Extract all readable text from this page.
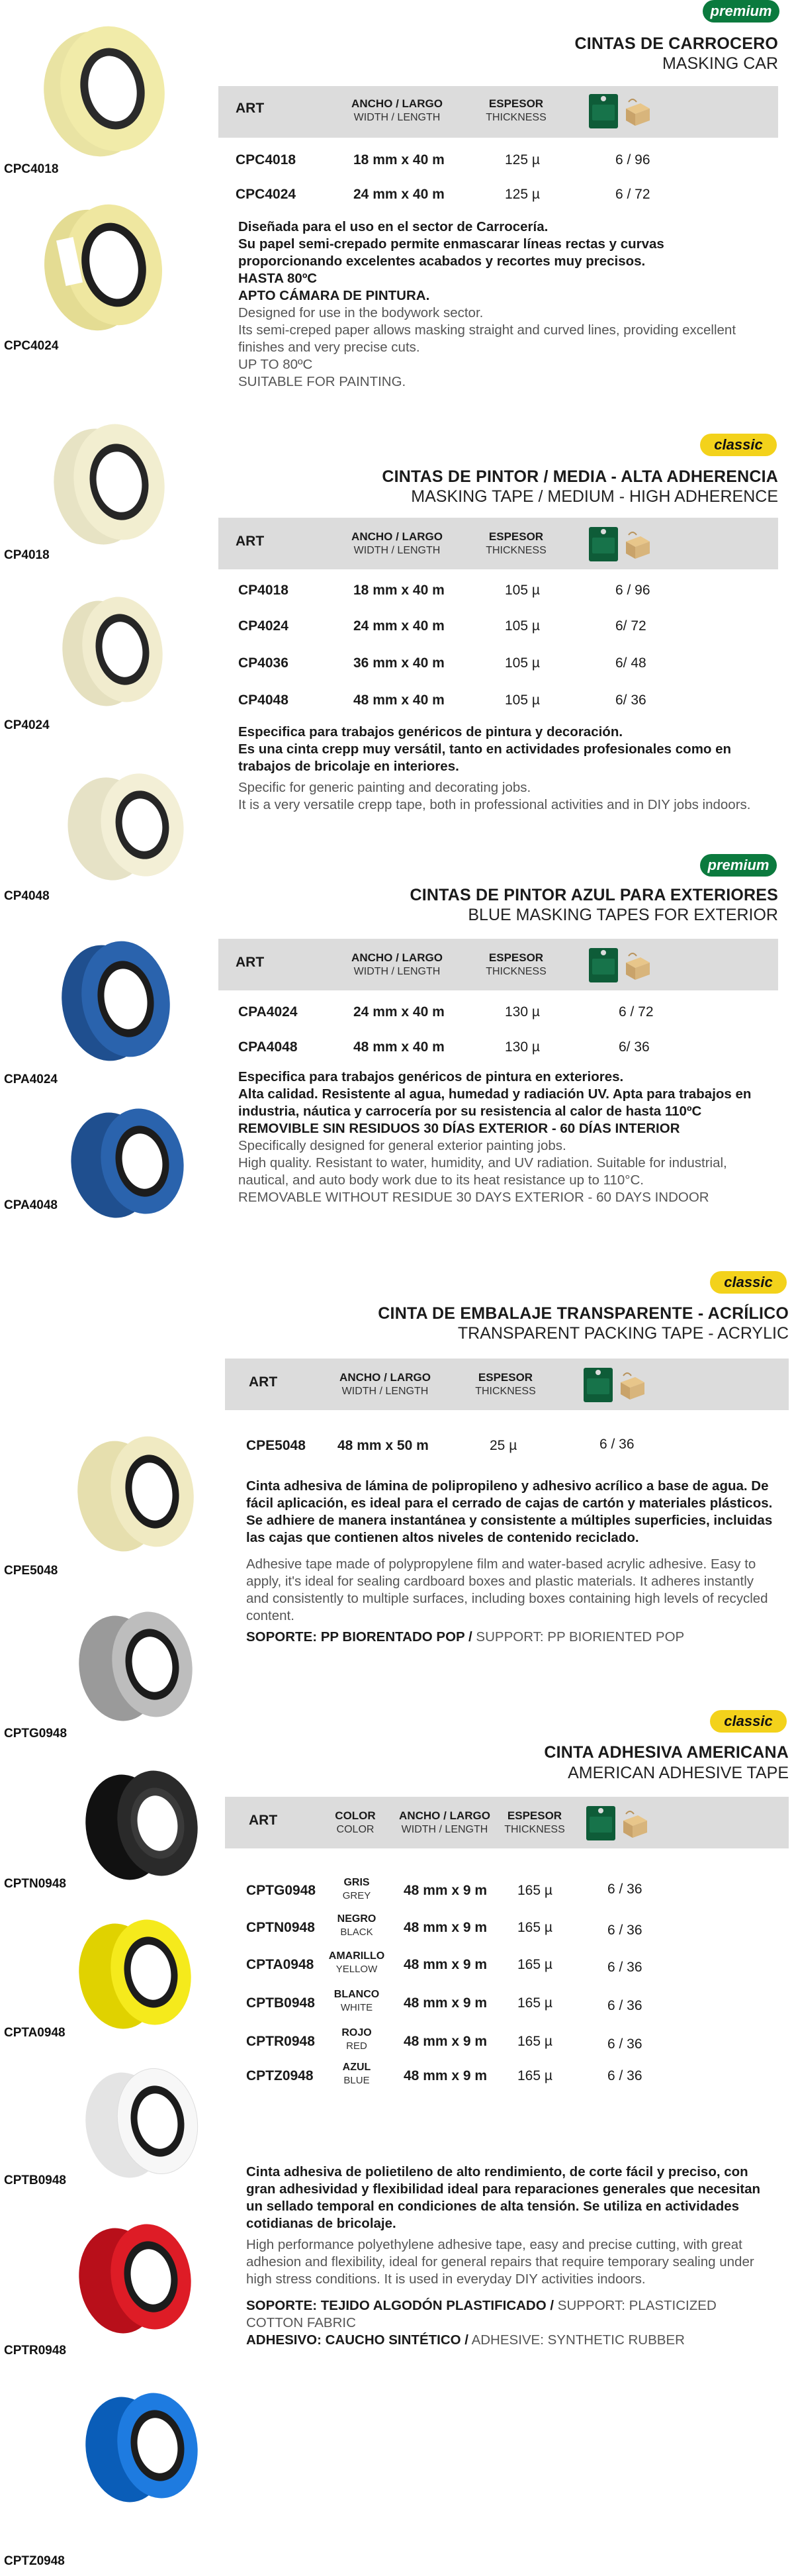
CPC4018
CPC4024
CP4018
CP4024
CP4048
CPA4024
CPA4048
CPE5048
CPTG0948
CPTN0948
CPTA0948
CPTB0948
CPTR0948
CPTZ0948
premium
CINTAS DE CARROCERO
MASKING CAR
ART	ANCHO / LARGO
WIDTH / LENGTH
ESPESOR
THICKNESS
CPC4018	18 mm x 40 m	125 µ	6 / 96
CPC4024	24 mm x 40 m	125 µ	6 / 72

Diseñada para el uso en el sector de Carrocería.

Su papel semi-crepado permite enmascarar líneas rectas y curvas proporcionando excelentes acabados y recortes muy precisos.

HASTA 80ºC

APTO CÁMARA DE PINTURA.

Designed for use in the bodywork sector.

Its semi-creped paper allows masking straight and curved lines, providing excellent finishes and very precise cuts.

UP TO 80ºC

SUITABLE FOR PAINTING.

classic
CINTAS DE PINTOR / MEDIA - ALTA ADHERENCIA
MASKING TAPE / MEDIUM - HIGH ADHERENCE
ART	ANCHO / LARGO
WIDTH / LENGTH
ESPESOR
THICKNESS
CP4018	18 mm x 40 m	105 µ	6 / 96
CP4024	24 mm x 40 m	105 µ	6/ 72
CP4036	36 mm x 40 m	105 µ	6/ 48
CP4048	48 mm x 40 m	105 µ	6/ 36

Especifica para trabajos genéricos de pintura y decoración.

Es una cinta crepp muy versátil, tanto en actividades profesionales como en trabajos de bricolaje en interiores.

Specific for generic painting and decorating jobs.

It is a very versatile crepp tape, both in professional activities and in DIY jobs indoors.

premium
CINTAS DE PINTOR AZUL PARA EXTERIORES
BLUE MASKING TAPES FOR EXTERIOR
ART	ANCHO / LARGO
WIDTH / LENGTH
ESPESOR
THICKNESS
CPA4024	24 mm x 40 m	130 µ	6 / 72
CPA4048	48 mm x 40 m	130 µ	6/ 36

Especifica para trabajos genéricos de pintura en exteriores.

Alta calidad. Resistente al agua, humedad y radiación UV. Apta para trabajos en industria, náutica y carrocería por su resistencia al calor de hasta 110ºC

REMOVIBLE SIN RESIDUOS 30 DÍAS EXTERIOR - 60 DÍAS INTERIOR

Specifically designed for general exterior painting jobs.

High quality. Resistant to water, humidity, and UV radiation. Suitable for industrial, nautical, and auto body work due to its heat resistance up to 110°C.

REMOVABLE WITHOUT RESIDUE 30 DAYS EXTERIOR - 60 DAYS INDOOR

classic
CINTA DE EMBALAJE TRANSPARENTE - ACRÍLICO
TRANSPARENT PACKING TAPE - ACRYLIC
ART	ANCHO / LARGO
WIDTH / LENGTH
ESPESOR
THICKNESS
CPE5048 48 mm x 50 m	25 µ	6 / 36

Cinta adhesiva de lámina de polipropileno y adhesivo acrílico a base de agua. De fácil aplicación, es ideal para el cerrado de cajas de cartón y materiales plásticos. Se adhiere de manera instantánea y consistente a múltiples superficies, incluidas las cajas que contienen altos niveles de contenido reciclado.

Adhesive tape made of polypropylene film and water-based acrylic adhesive. Easy to apply, it's ideal for sealing cardboard boxes and plastic materials. It adheres instantly and consistently to multiple surfaces, including boxes containing high levels of recycled content.

SOPORTE: PP BIORENTADO POP / SUPPORT: PP BIORIENTED POP

classic
CINTA ADHESIVA AMERICANA
AMERICAN ADHESIVE TAPE
ART	COLOR
COLOR
ANCHO / LARGO
WIDTH / LENGTH
ESPESOR
THICKNESS
CPTG0948
GRIS
GREY	48 mm x 9 m 165 µ	6 / 36
CPTN0948
NEGRO
BLACK	48 mm x 9 m 165 µ	6 / 36
CPTA0948
AMARILLO
YELLOW	48 mm x 9 m 165 µ	6 / 36
CPTB0948
BLANCO
WHITE	48 mm x 9 m 165 µ	6 / 36
CPTR0948
ROJO
RED	48 mm x 9 m 165 µ	6 / 36
CPTZ0948
AZUL
BLUE	48 mm x 9 m 165 µ	6 / 36

Cinta adhesiva de polietileno de alto rendimiento, de corte fácil y preciso, con gran adhesividad y flexibilidad ideal para reparaciones generales que necesitan un sellado temporal en condiciones de alta tensión. Se utiliza en actividades cotidianas de bricolaje.

High performance polyethylene adhesive tape, easy and precise cutting, with great adhesion and flexibility, ideal for general repairs that require temporary sealing under high stress conditions. It is used in everyday DIY activities indoors.

SOPORTE: TEJIDO ALGODÓN PLASTIFICADO / SUPPORT: PLASTICIZED COTTON FABRIC

ADHESIVO: CAUCHO SINTÉTICO / ADHESIVE: SYNTHETIC RUBBER
